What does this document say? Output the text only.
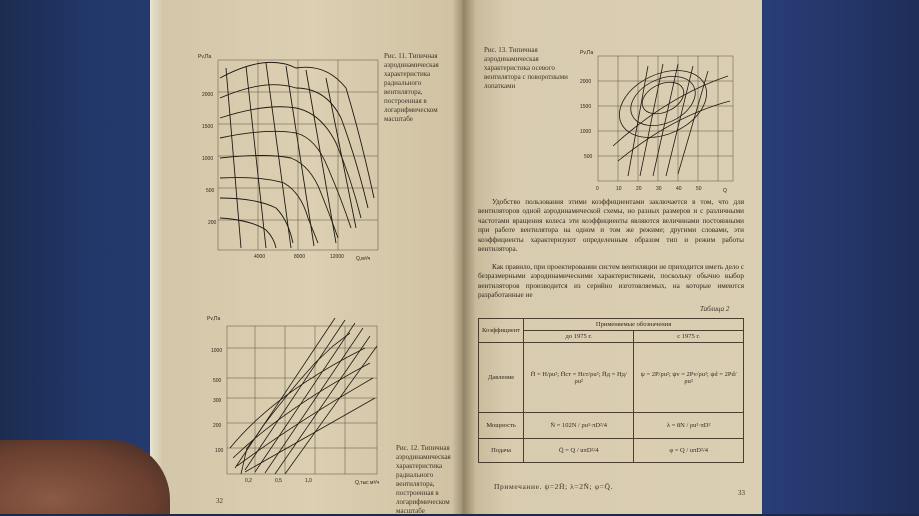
Pv,Па
2000
1500
1000
500
200
4000	8000	12000 Q,м³/ч
Рис. 11. Типичная аэродинамическая характеристика радиального вентилятора, построенная в логарифмическом масштабе
Pv,Па
1000
500
300
200
100
0,2	0,5	1,0	Q,тыс м³/ч
Рис. 12. Типичная аэродинамическая характеристика радиального вентилятора, построенная в логарифмическом масштабе
32
Рис. 13. Типичная аэродинамическая характеристика осевого вентилятора с поворотными лопатками
Pv,Па
2000
1500
1000
500
0	10	20	30	40	50	Q
Удобство пользования этими коэффициентами заключается в том, что для вентиляторов одной аэродинамической схемы, но разных размеров и с различными частотами вращения колеса эти коэффициенты являются величинами постоянными при работе вентилятора на одном и том же режиме; другими словами, эти коэффициенты характеризуют определенным образом тип и режим работы вентилятора.
Как правило, при проектировании систем вентиляции не приходится иметь дело с безразмерными аэродинамическими характеристиками, поскольку обычно выбор вентиляторов производится из серийно изготовляемых, на которые имеются разработанные не
Таблица 2
Коэффициент	Применяемые обозначения	
	до 1975 г.	с 1975 г.
Давление	H̄ = H/ρu²; H̄ст = Hст/ρu²; H̄д = Hд/ρu²	ψ = 2P/ρu²; ψv = 2Pv/ρu²; ψd = 2Pd/ρu²
Мощность	N̄ = 102N / ρu³·πD²/4	λ = 8N / ρu³·πD²
Подача	Q̄ = Q / uπD²/4	φ = Q / uπD²/4
Примечание. ψ=2H̄; λ=2N̄; φ=Q̄.
33
